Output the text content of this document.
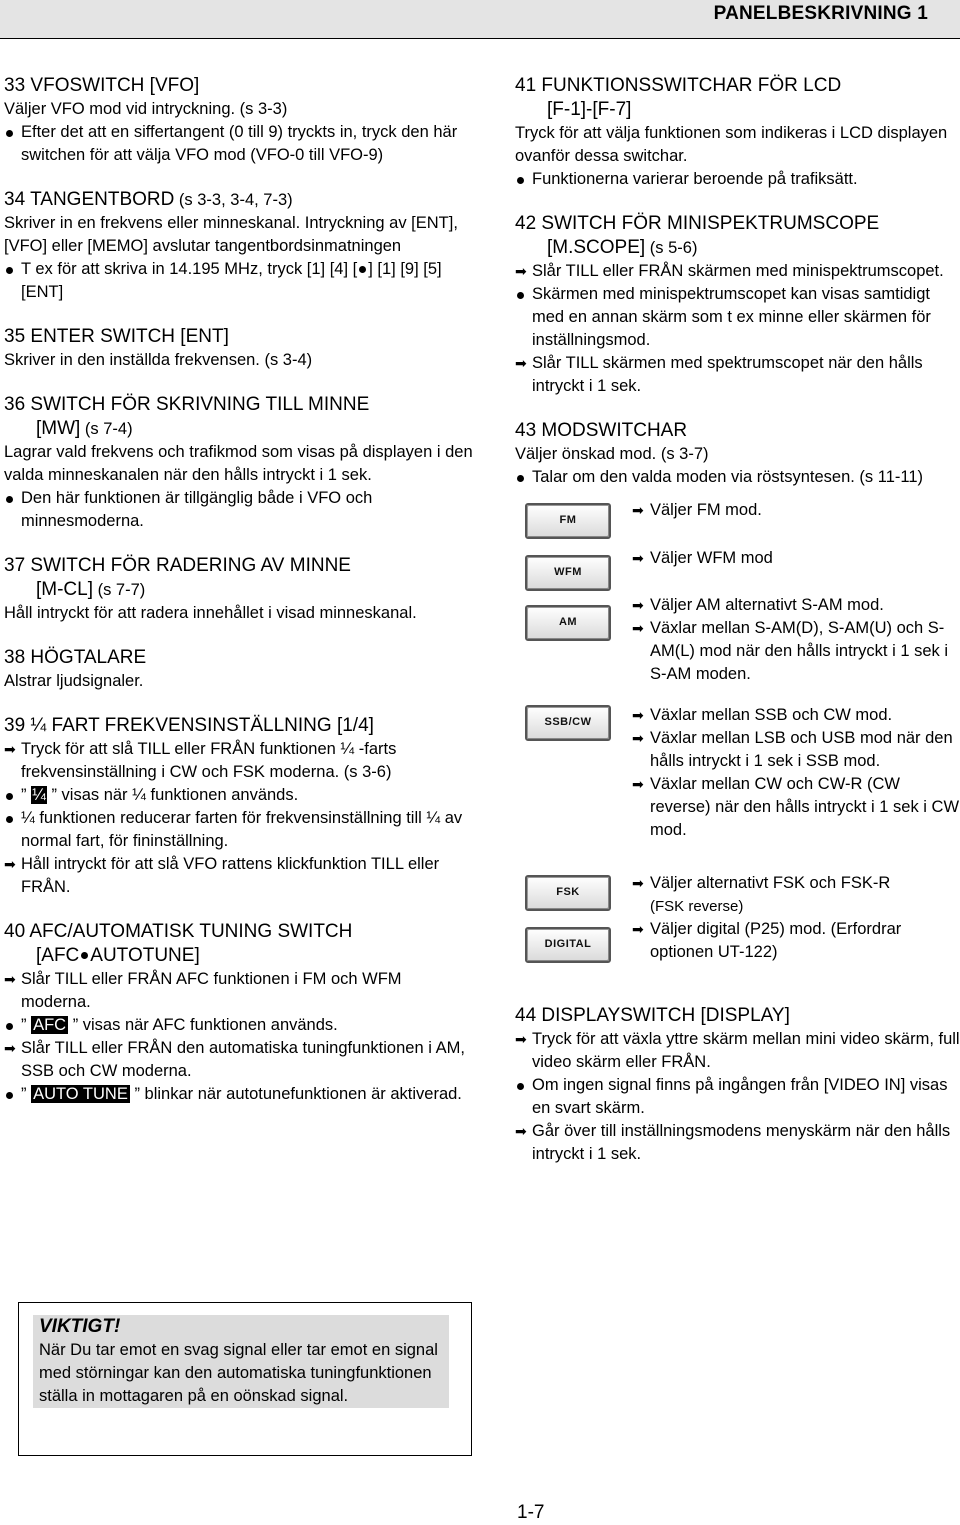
PANELBESKRIVNING 1
33 VFOSWITCH [VFO]

Väljer VFO mod vid intryckning. (s 3-3)

Efter det att en siffertangent (0 till 9) tryckts in, tryck den här switchen för att välja VFO mod (VFO-0 till VFO-9)
34 TANGENTBORD (s 3-3, 3-4, 7-3)

Skriver in en frekvens eller minneskanal. Intryckning av [ENT], [VFO] eller [MEMO] avslutar tangentbordsinmatningen

T ex för att skriva in 14.195 MHz, tryck [1] [4] [ ] [1] [9] [5] [ENT]
35 ENTER SWITCH [ENT]

Skriver in den inställda frekvensen. (s 3-4)

36 SWITCH FÖR SKRIVNING TILL MINNE
[MW] (s 7-4)

Lagrar vald frekvens och trafikmod som visas på displayen i den valda minneskanalen när den hålls intryckt i 1 sek.

Den här funktionen är tillgänglig både i VFO och minnesmoderna.
37 SWITCH FÖR RADERING AV MINNE
[M-CL] (s 7-7)

Håll intryckt för att radera innehållet i visad minneskanal.

38 HÖGTALARE

Alstrar ljudsignaler.

39 ¼ FART FREKVENSINSTÄLLNING [1/4]
Tryck för att slå TILL eller FRÅN funktionen ¼ -farts frekvensinställning i CW och FSK moderna. (s 3-6)
” ¼ ” visas när ¼ funktionen används.
¼ funktionen reducerar farten för frekvensinställning till ¼ av normal fart, för fininställning.
Håll intryckt för att slå VFO rattens klickfunktion TILL eller FRÅN.
40 AFC/AUTOMATISK TUNING SWITCH
[AFC AUTOTUNE]
Slår TILL eller FRÅN AFC funktionen i FM och WFM moderna.
” AFC ” visas när AFC funktionen används.
Slår TILL eller FRÅN den automatiska tuningfunktionen i AM, SSB och CW moderna.
” AUTO TUNE ” blinkar när autotunefunktionen är aktiverad.
41 FUNKTIONSSWITCHAR FÖR LCD
[F-1]-[F-7]

Tryck för att välja funktionen som indikeras i LCD displayen ovanför dessa switchar.

Funktionerna varierar beroende på trafiksätt.
42 SWITCH FÖR MINISPEKTRUMSCOPE
[M.SCOPE] (s 5-6)
Slår TILL eller FRÅN skärmen med minispektrumscopet.
Skärmen med minispektrumscopet kan visas samtidigt med en annan skärm som t ex minne eller skärmen för inställningsmod.
Slår TILL skärmen med spektrumscopet när den hålls intryckt i 1 sek.
43 MODSWITCHAR

Väljer önskad mod. (s 3-7)

Talar om den valda moden via röstsyntesen. (s 11-11)
FM
Väljer FM mod.
WFM
Väljer WFM mod
AM
Väljer AM alternativt S-AM mod.
Växlar mellan S-AM(D), S-AM(U) och S-AM(L) mod när den hålls intryckt i 1 sek i S-AM moden.
SSB/CW	Växlar mellan SSB och CW mod.
Växlar mellan LSB och USB mod när den hålls intryckt i 1 sek i SSB mod.
Växlar mellan CW och CW-R (CW reverse) när den hålls intryckt i 1 sek i CW mod.
FSK	Väljer alternativt FSK och FSK-R
(FSK reverse)
Väljer digital (P25) mod. (Erfordrar optionen UT-122)
DIGITAL
44 DISPLAYSWITCH [DISPLAY]
Tryck för att växla yttre skärm mellan mini video skärm, full video skärm eller FRÅN.
Om ingen signal finns på ingången från [VIDEO IN] visas en svart skärm.
Går över till inställningsmodens menyskärm när den hålls intryckt i 1 sek.
VIKTIGT!

När Du tar emot en svag signal eller tar emot en signal med störningar kan den automatiska tuningfunktionen ställa in mottagaren på en oönskad signal.

1-7
